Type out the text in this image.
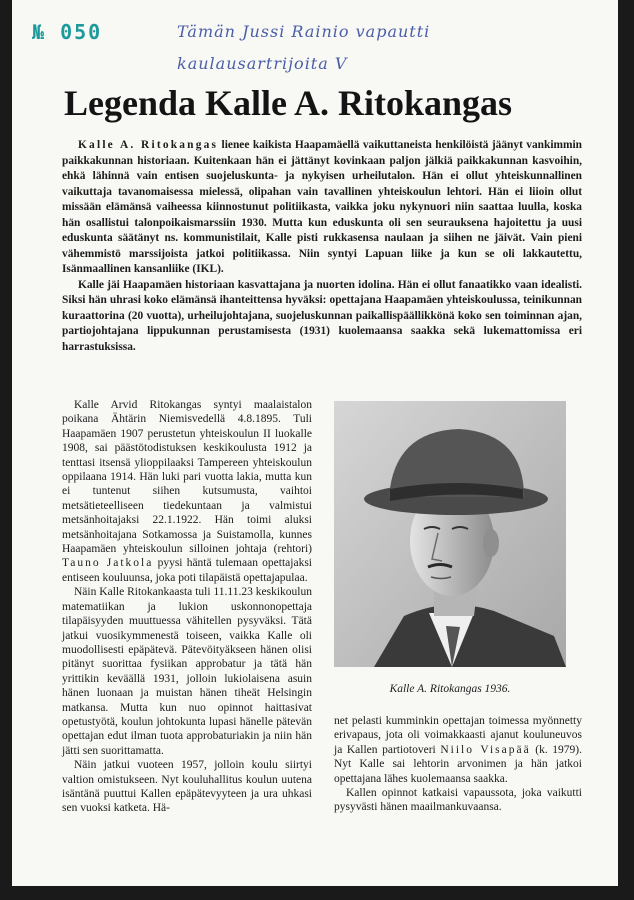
№ 050	Tämän Jussi Rainio vapautti
kaulausartrijoita V
Legenda Kalle A. Ritokangas

Kalle A. Ritokangas lienee kaikista Haapamäellä vaikuttaneista henkilöistä jäänyt vankimmin paikkakunnan historiaan. Kuitenkaan hän ei jättänyt kovinkaan paljon jälkiä paikkakunnan kasvoihin, ehkä lähinnä vain entisen suojeluskunta- ja nykyisen urheilutalon. Hän ei ollut yhteiskunnallinen vaikuttaja tavanomaisessa mielessä, olipahan vain tavallinen yhteiskoulun lehtori. Hän ei liioin ollut missään elämänsä vaiheessa kiinnostunut politiikasta, vaikka joku nykynuori niin saattaa luulla, koska hän osallistui talonpoikaismarssiin 1930. Mutta kun eduskunta oli sen seurauksena hajoitettu ja uusi eduskunta säätänyt ns. kommunistilait, Kalle pisti rukkasensa naulaan ja siihen ne jäivät. Vain pieni vähemmistö marssijoista jatkoi politiikassa. Niin syntyi Lapuan liike ja kun se oli lakkautettu, Isänmaallinen kansanliike (IKL).

Kalle jäi Haapamäen historiaan kasvattajana ja nuorten idolina. Hän ei ollut fanaatikko vaan idealisti. Siksi hän uhrasi koko elämänsä ihanteittensa hyväksi: opettajana Haapamäen yhteiskoulussa, teinikunnan kuraattorina (20 vuotta), urheilujohtajana, suojeluskunnan paikallispäällikkönä koko sen toiminnan ajan, partiojohtajana lippukunnan perustamisesta (1931) kuolemaansa saakka sekä lukemattomissa eri harrastuksissa.

Kalle Arvid Ritokangas syntyi maalaistalon poikana Ähtärin Niemisvedellä 4.8.1895. Tuli Haapamäen 1907 perustetun yhteiskoulun II luokalle 1908, sai päästötodistuksen keskikoulusta 1912 ja tenttasi itsensä ylioppilaaksi Tampereen yhteiskoulun oppilaana 1914. Hän luki pari vuotta lakia, mutta kun ei tuntenut siihen kutsumusta, vaihtoi metsätieteelliseen tiedekuntaan ja valmistui metsänhoitajaksi 22.1.1922. Hän toimi aluksi metsänhoitajana Sotkamossa ja Suistamolla, kunnes Haapamäen yhteiskoulun silloinen johtaja (rehtori) Tauno Jatkola pyysi häntä tulemaan opettajaksi entiseen kouluunsa, joka poti tilapäistä opettajapulaa.

Näin Kalle Ritokankaasta tuli 11.11.23 keskikoulun matematiikan ja lukion uskonnonopettaja tilapäisyyden muuttuessa vähitellen pysyväksi. Tätä jatkui vuosikymmenestä toiseen, vaikka Kalle oli muodollisesti epäpätevä. Pätevöityäkseen hänen olisi pitänyt suorittaa fysiikan approbatur ja tätä hän yrittikin keväällä 1931, jolloin lukiolaisena asuin hänen luonaan ja muistan hänen tiheät Helsingin matkansa. Mutta kun nuo opinnot haittasivat opetustyötä, koulun johtokunta lupasi hänelle pätevän opettajan edut ilman tuota approbaturiakin ja niin hän jätti sen suorittamatta.

Näin jatkui vuoteen 1957, jolloin koulu siirtyi valtion omistukseen. Nyt kouluhallitus koulun uutena isäntänä puuttui Kallen epäpätevyyteen ja ura uhkasi sen vuoksi katketa. Hä-

Kalle A. Ritokangas 1936.

net pelasti kumminkin opettajan toimessa myönnetty erivapaus, jota oli voimakkaasti ajanut kouluneuvos ja Kallen partiotoveri Niilo Visapää (k. 1979). Nyt Kalle sai lehtorin arvonimen ja hän jatkoi opettajana lähes kuolemaansa saakka.

Kallen opinnot katkaisi vapaussota, joka vaikutti pysyvästi hänen maailmankuvaansa.
